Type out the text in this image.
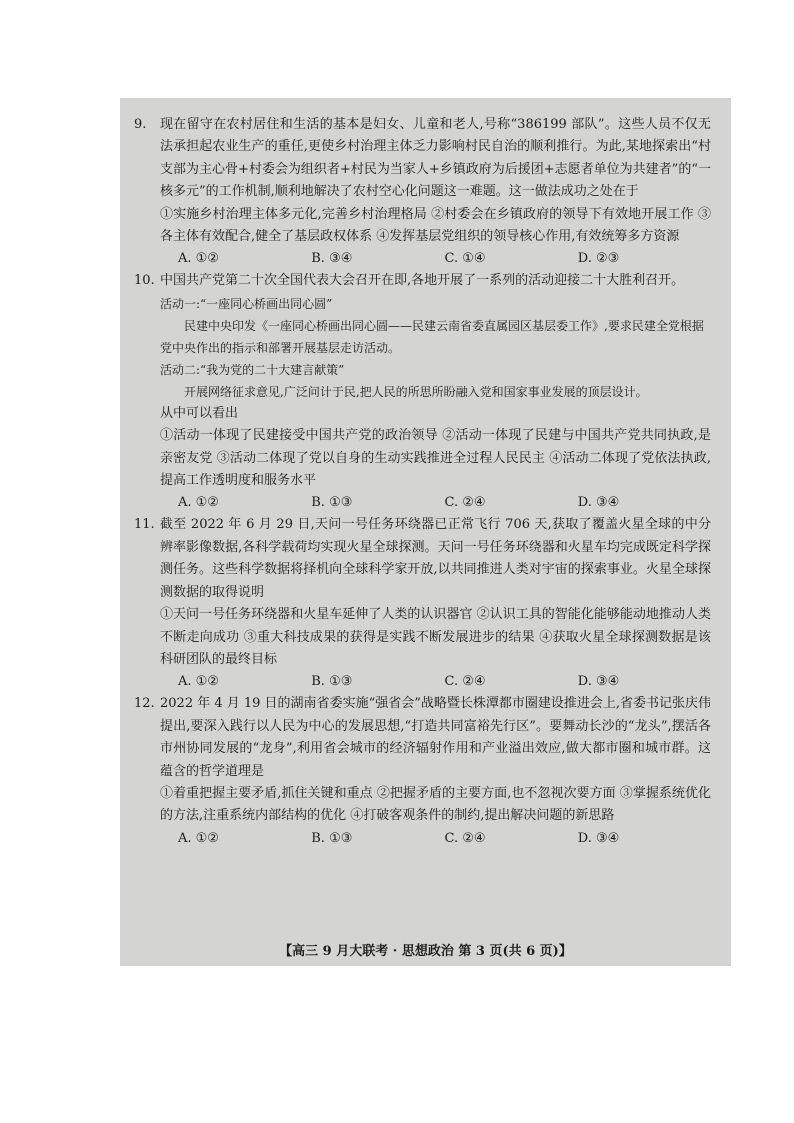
9. 现在留守在农村居住和生活的基本是妇女、儿童和老人,号称“386199 部队”。这些人员不仅无法承担起农业生产的重任,更使乡村治理主体乏力影响村民自治的顺利推行。为此,某地探索出“村支部为主心骨+村委会为组织者+村民为当家人+乡镇政府为后援团+志愿者单位为共建者”的“一核多元”的工作机制,顺利地解决了农村空心化问题这一难题。这一做法成功之处在于

①实施乡村治理主体多元化,完善乡村治理格局 ②村委会在乡镇政府的领导下有效地开展工作 ③各主体有效配合,健全了基层政权体系 ④发挥基层党组织的领导核心作用,有效统筹多方资源

A. ①②	B. ③④	C. ①④	D. ②③
10. 中国共产党第二十次全国代表大会召开在即,各地开展了一系列的活动迎接二十大胜利召开。

活动一:“一座同心桥画出同心圆”

民建中央印发《一座同心桥画出同心圆——民建云南省委直属园区基层委工作》,要求民建全党根据党中央作出的指示和部署开展基层走访活动。

活动二:“我为党的二十大建言献策”

开展网络征求意见,广泛问计于民,把人民的所思所盼融入党和国家事业发展的顶层设计。

从中可以看出

①活动一体现了民建接受中国共产党的政治领导 ②活动一体现了民建与中国共产党共同执政,是亲密友党 ③活动二体现了党以自身的生动实践推进全过程人民民主 ④活动二体现了党依法执政,提高工作透明度和服务水平

A. ①②	B. ①③	C. ②④	D. ③④
11. 截至 2022 年 6 月 29 日,天问一号任务环绕器已正常飞行 706 天,获取了覆盖火星全球的中分辨率影像数据,各科学载荷均实现火星全球探测。天问一号任务环绕器和火星车均完成既定科学探测任务。这些科学数据将择机向全球科学家开放,以共同推进人类对宇宙的探索事业。火星全球探测数据的取得说明

①天问一号任务环绕器和火星车延伸了人类的认识器官 ②认识工具的智能化能够能动地推动人类不断走向成功 ③重大科技成果的获得是实践不断发展进步的结果 ④获取火星全球探测数据是该科研团队的最终目标

A. ①②	B. ①③	C. ②④	D. ③④
12. 2022 年 4 月 19 日的湖南省委实施“强省会”战略暨长株潭都市圈建设推进会上,省委书记张庆伟提出,要深入践行以人民为中心的发展思想,“打造共同富裕先行区”。要舞动长沙的“龙头”,摆活各市州协同发展的“龙身”,利用省会城市的经济辐射作用和产业溢出效应,做大都市圈和城市群。这蕴含的哲学道理是

①着重把握主要矛盾,抓住关键和重点 ②把握矛盾的主要方面,也不忽视次要方面 ③掌握系统优化的方法,注重系统内部结构的优化 ④打破客观条件的制约,提出解决问题的新思路

A. ①②	B. ①③	C. ②④	D. ③④
【高三 9 月大联考 · 思想政治 第 3 页(共 6 页)】
